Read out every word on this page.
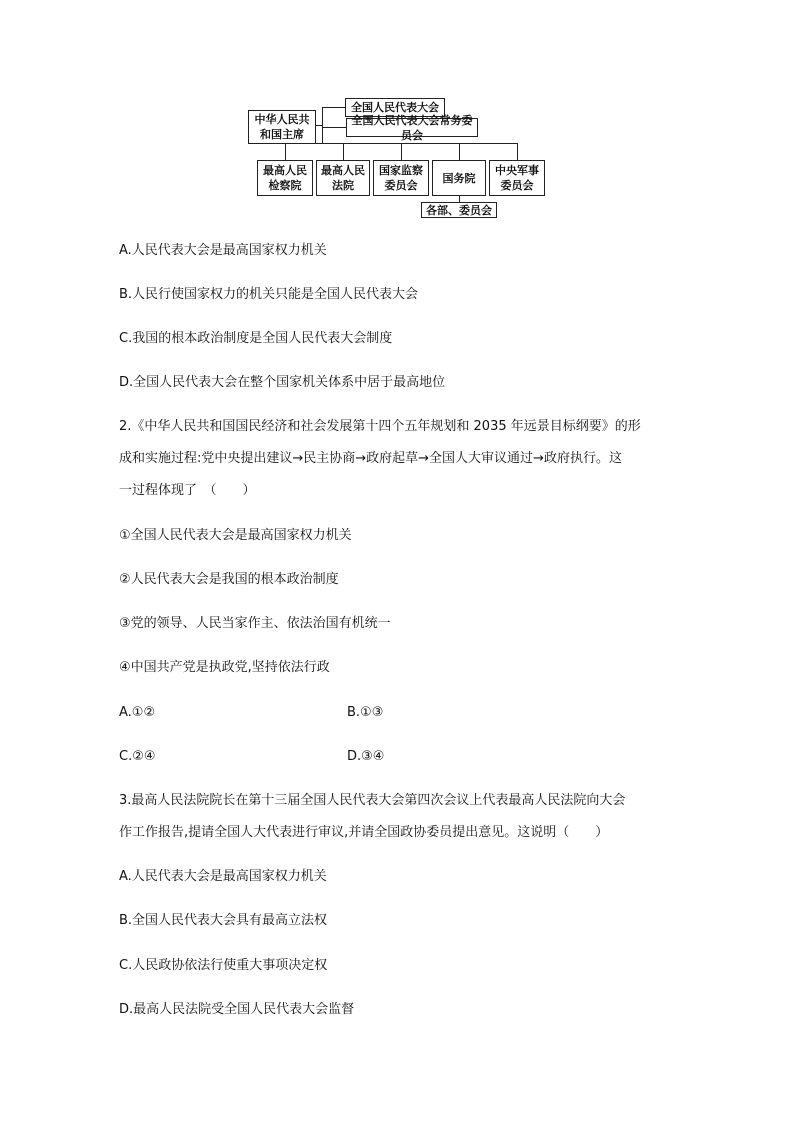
全国人民代表大会
全国人民代表大会常务委员会
中华人民共
和国主席
最高人民
检察院
最高人民
法院
国家监察
委员会
国务院
中央军事
委员会
各部、委员会
A.人民代表大会是最高国家权力机关
B.人民行使国家权力的机关只能是全国人民代表大会
C.我国的根本政治制度是全国人民代表大会制度
D.全国人民代表大会在整个国家机关体系中居于最高地位
2.《中华人民共和国国民经济和社会发展第十四个五年规划和 2035 年远景目标纲要》的形
成和实施过程:党中央提出建议→民主协商→政府起草→全国人大审议通过→政府执行。这
一过程体现了　（　　）
①全国人民代表大会是最高国家权力机关
②人民代表大会是我国的根本政治制度
③党的领导、人民当家作主、依法治国有机统一
④中国共产党是执政党,坚持依法行政
A.①②	B.①③
C.②④	D.③④
3.最高人民法院院长在第十三届全国人民代表大会第四次会议上代表最高人民法院向大会
作工作报告,提请全国人大代表进行审议,并请全国政协委员提出意见。这说明（　　）
A.人民代表大会是最高国家权力机关
B.全国人民代表大会具有最高立法权
C.人民政协依法行使重大事项决定权
D.最高人民法院受全国人民代表大会监督
